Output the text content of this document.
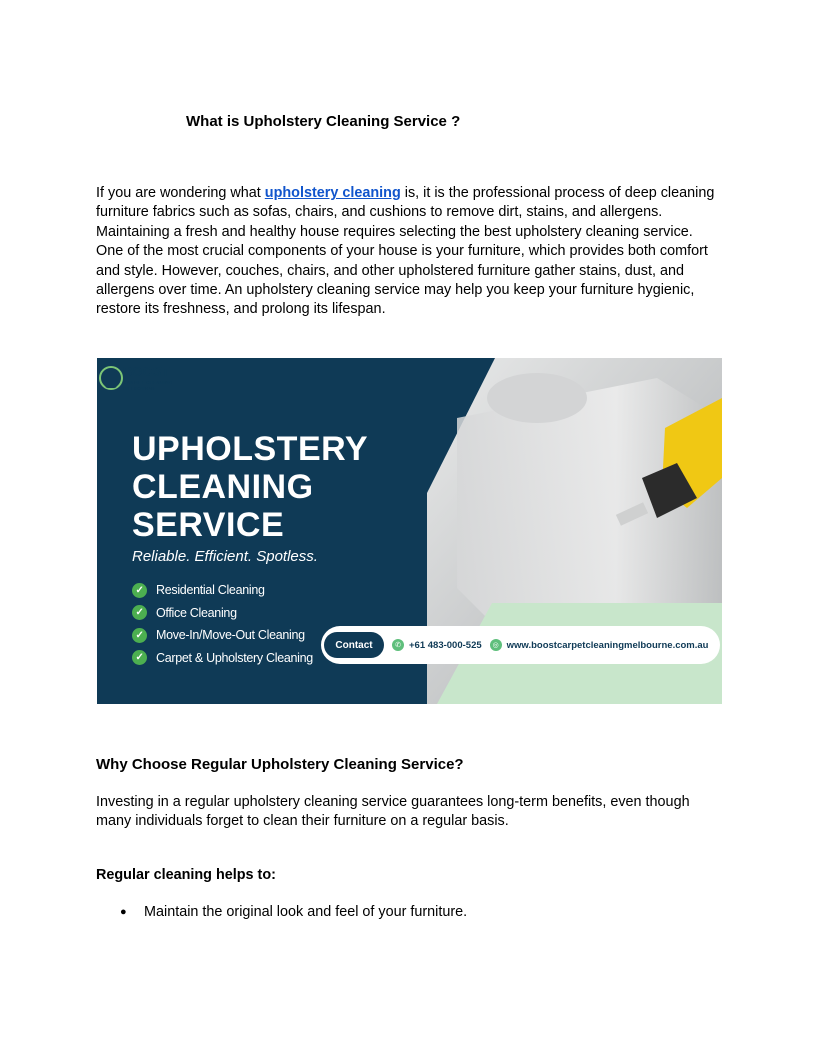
What is Upholstery Cleaning Service ?

If you are wondering what upholstery cleaning is, it is the professional process of deep cleaning furniture fabrics such as sofas, chairs, and cushions to remove dirt, stains, and allergens. Maintaining a fresh and healthy house requires selecting the best upholstery cleaning service. One of the most crucial components of your house is your furniture, which provides both comfort and style. However, couches, chairs, and other upholstered furniture gather stains, dust, and allergens over time. An upholstery cleaning service may help you keep your furniture hygienic, restore its freshness, and prolong its lifespan.

BOOST
CARPET CLEANING
MELBOURNE
UPHOLSTERY
CLEANING
SERVICE
Reliable. Efficient. Spotless.
✓ Residential Cleaning
✓ Office Cleaning
✓ Move-In/Move-Out Cleaning
✓ Carpet & Upholstery Cleaning
Contact	✆ +61 483-000-525	◎ www.boostcarpetcleaningmelbourne.com.au
Why Choose Regular Upholstery Cleaning Service?

Investing in a regular upholstery cleaning service guarantees long-term benefits, even though many individuals forget to clean their furniture on a regular basis.

Regular cleaning helps to:
● Maintain the original look and feel of your furniture.
